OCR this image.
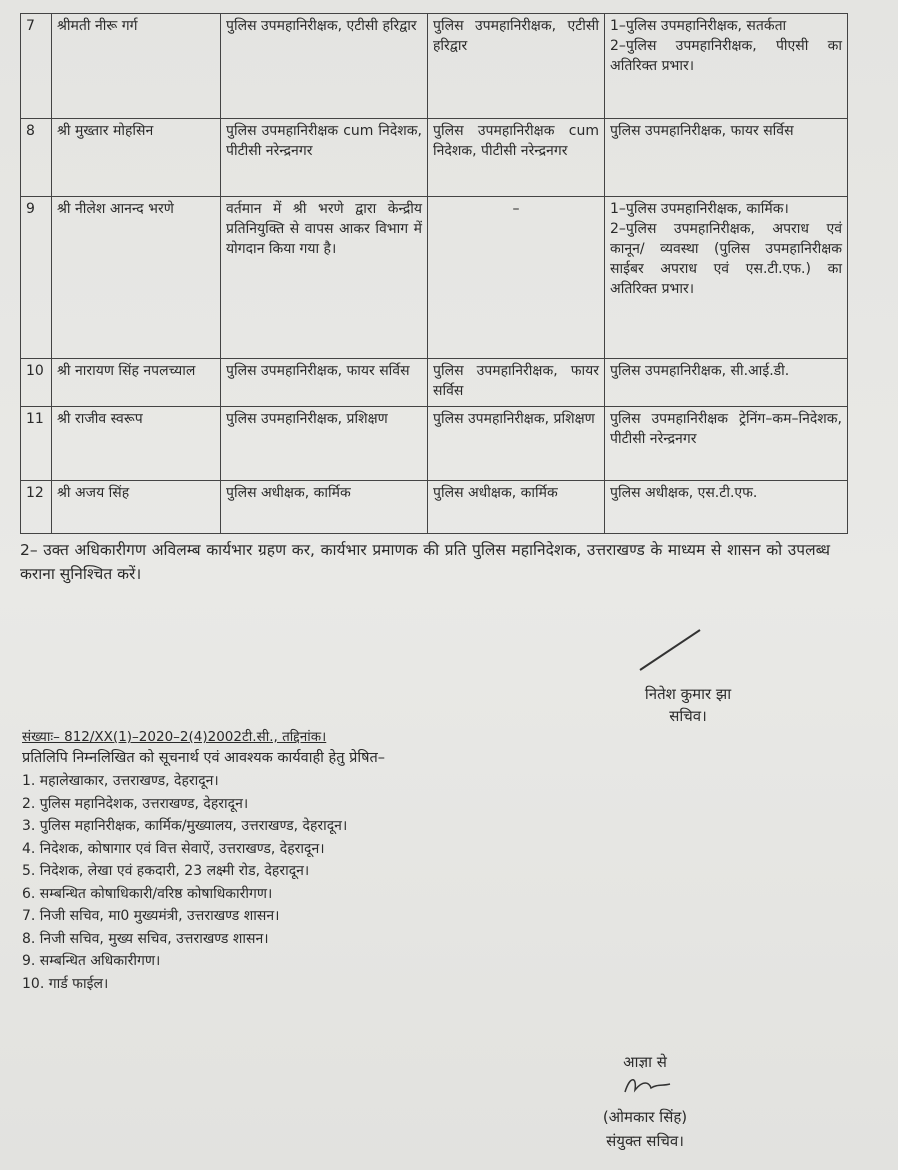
7	श्रीमती नीरू गर्ग	पुलिस उपमहानिरीक्षक, एटीसी हरिद्वार	पुलिस उपमहानिरीक्षक, एटीसी हरिद्वार	1–पुलिस उपमहानिरीक्षक, सतर्कता
2–पुलिस उपमहानिरीक्षक, पीएसी का अतिरिक्त प्रभार।

8	श्री मुख्तार मोहसिन	पुलिस उपमहानिरीक्षक cum निदेशक, पीटीसी नरेन्द्रनगर	पुलिस उपमहानिरीक्षक cum निदेशक, पीटीसी नरेन्द्रनगर	पुलिस उपमहानिरीक्षक, फायर सर्विस

9	श्री नीलेश आनन्द भरणे	वर्तमान में श्री भरणे द्वारा केन्द्रीय प्रतिनियुक्ति से वापस आकर विभाग में योगदान किया गया है।	–	1–पुलिस उपमहानिरीक्षक, कार्मिक।
2–पुलिस उपमहानिरीक्षक, अपराध एवं कानून/ व्यवस्था (पुलिस उपमहानिरीक्षक साईबर अपराध एवं एस.टी.एफ.) का अतिरिक्त प्रभार।

10	श्री नारायण सिंह नपलच्याल	पुलिस उपमहानिरीक्षक, फायर सर्विस	पुलिस उपमहानिरीक्षक, फायर सर्विस	पुलिस उपमहानिरीक्षक, सी.आई.डी.

11	श्री राजीव स्वरूप	पुलिस उपमहानिरीक्षक, प्रशिक्षण	पुलिस उपमहानिरीक्षक, प्रशिक्षण	पुलिस उपमहानिरीक्षक ट्रेनिंग–कम–निदेशक, पीटीसी नरेन्द्रनगर

12	श्री अजय सिंह	पुलिस अधीक्षक, कार्मिक	पुलिस अधीक्षक, कार्मिक	पुलिस अधीक्षक, एस.टी.एफ.
2– उक्त अधिकारीगण अविलम्ब कार्यभार ग्रहण कर, कार्यभार प्रमाणक की प्रति पुलिस महानिदेशक, उत्तराखण्ड के माध्यम से शासन को उपलब्ध कराना सुनिश्चित करें।
नितेश कुमार झा
सचिव।
संख्याः– 812/XX(1)–2020–2(4)2002टी.सी., तद्दिनांक।
प्रतिलिपि निम्नलिखित को सूचनार्थ एवं आवश्यक कार्यवाही हेतु प्रेषित–
1. महालेखाकार, उत्तराखण्ड, देहरादून।
2. पुलिस महानिदेशक, उत्तराखण्ड, देहरादून।
3. पुलिस महानिरीक्षक, कार्मिक/मुख्यालय, उत्तराखण्ड, देहरादून।
4. निदेशक, कोषागार एवं वित्त सेवाऐं, उत्तराखण्ड, देहरादून।
5. निदेशक, लेखा एवं हकदारी, 23 लक्ष्मी रोड, देहरादून।
6. सम्बन्धित कोषाधिकारी/वरिष्ठ कोषाधिकारीगण।
7. निजी सचिव, मा0 मुख्यमंत्री, उत्तराखण्ड शासन।
8. निजी सचिव, मुख्य सचिव, उत्तराखण्ड शासन।
9. सम्बन्धित अधिकारीगण।
10. गार्ड फाईल।
आज्ञा से
(ओमकार सिंह)
संयुक्त सचिव।
